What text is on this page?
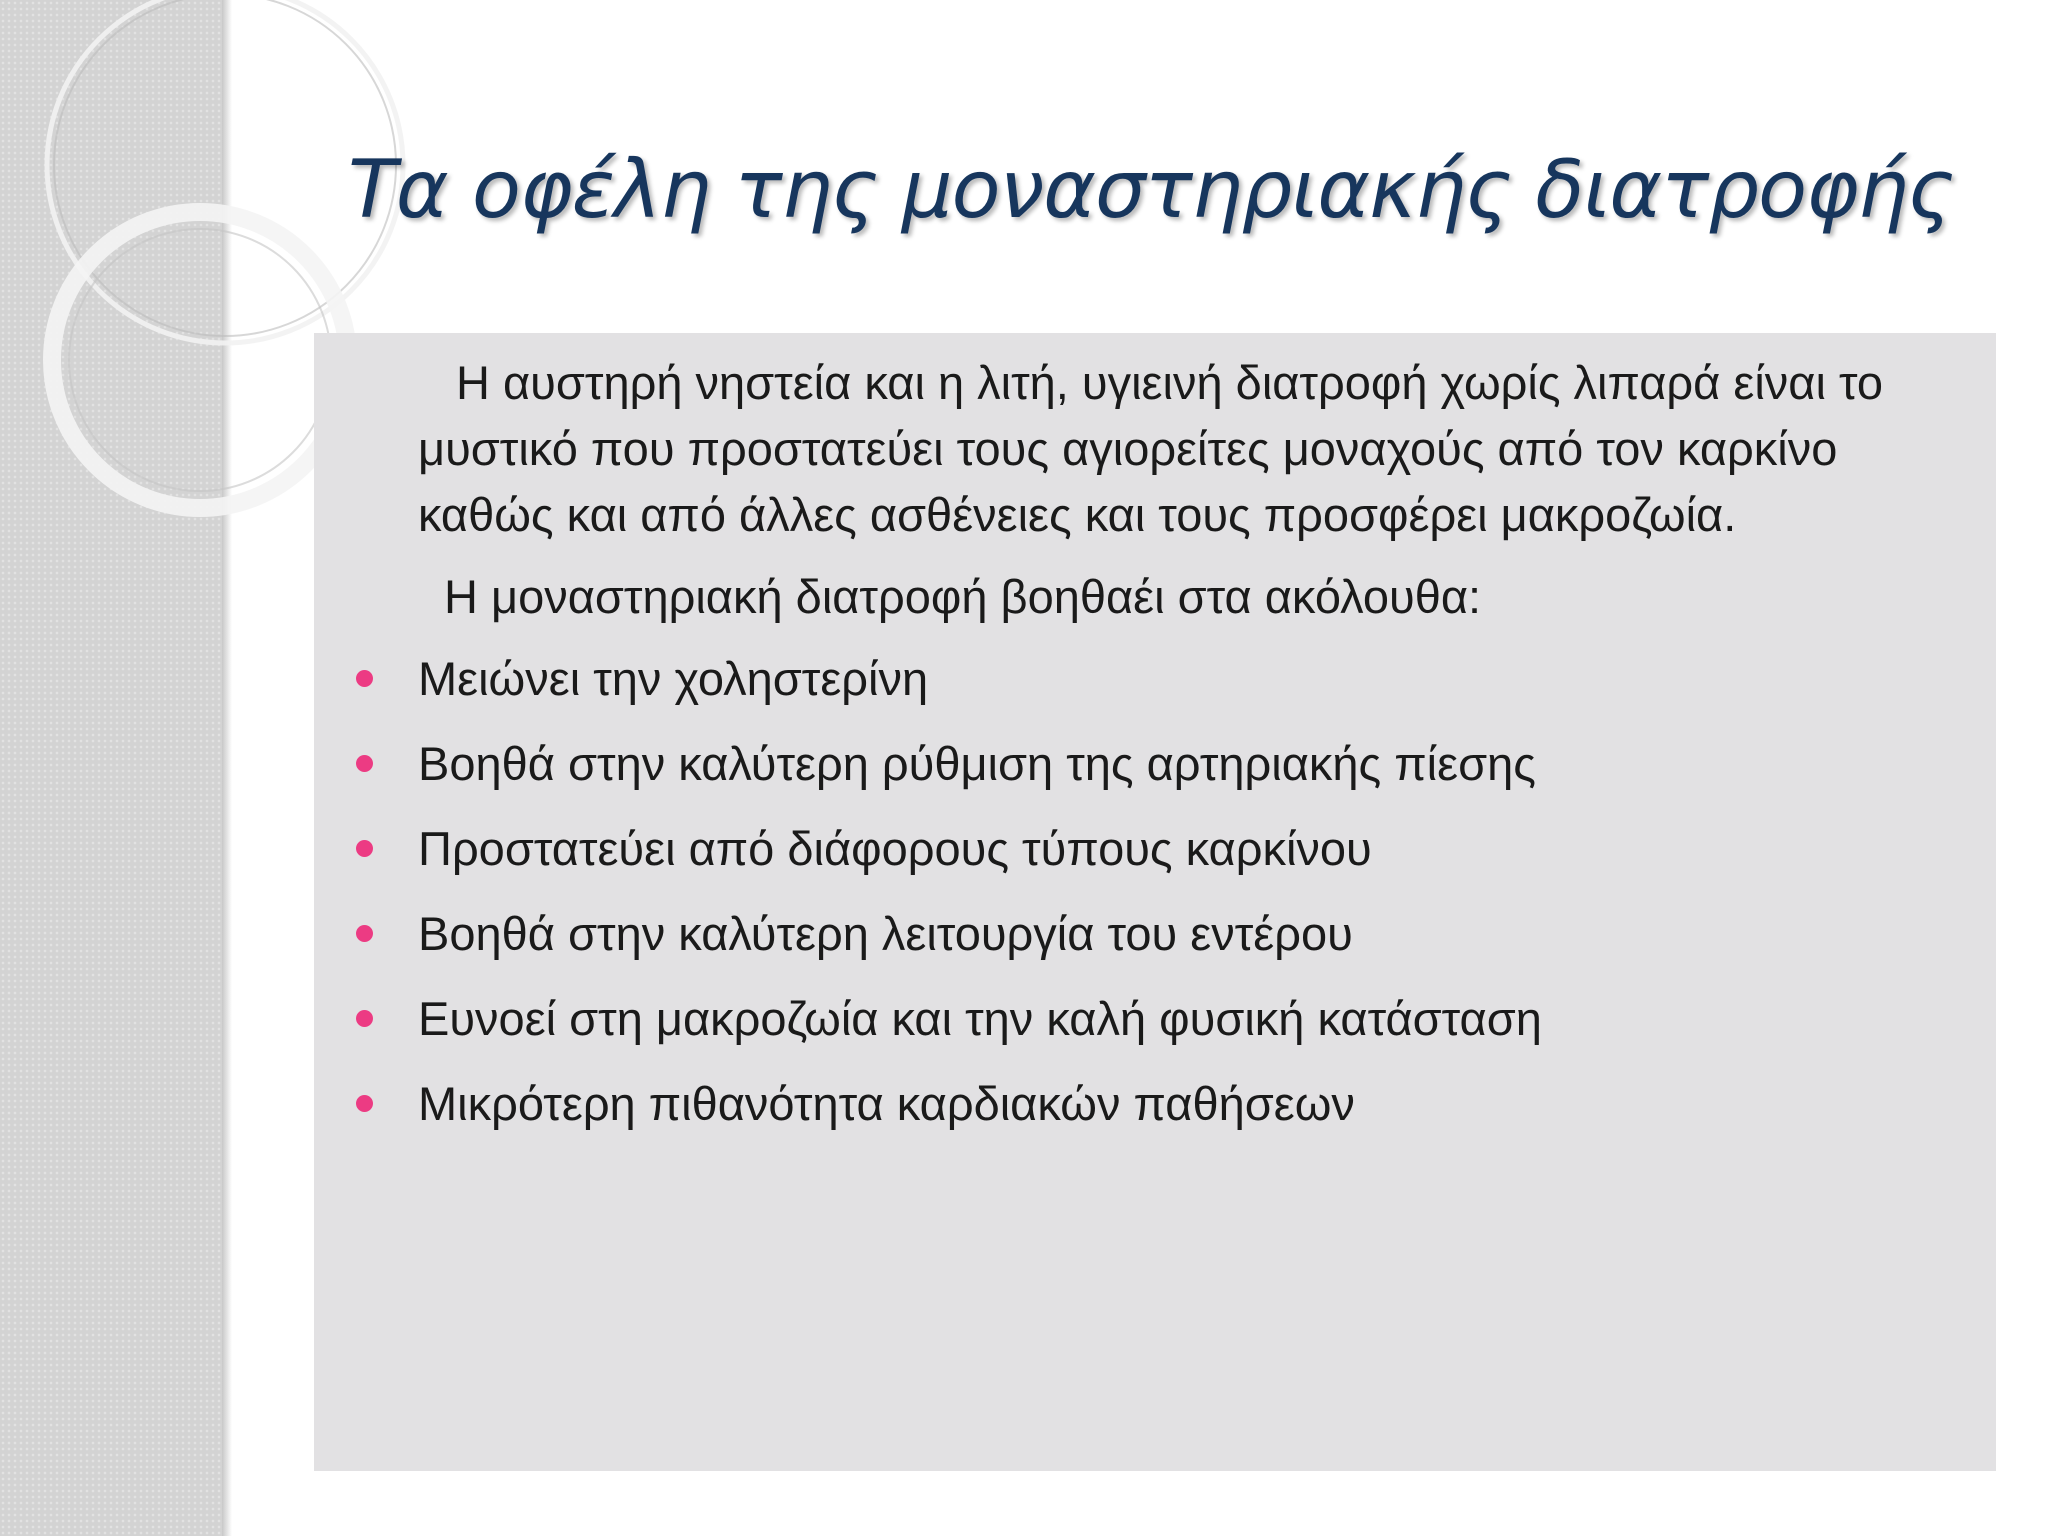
Τα οφέλη της μοναστηριακής διατροφής

Η αυστηρή νηστεία και η λιτή, υγιεινή διατροφή χωρίς λιπαρά είναι το μυστικό που προστατεύει τους αγιορείτες μοναχούς από τον καρκίνο καθώς και από άλλες ασθένειες και τους προσφέρει μακροζωία.

Η μοναστηριακή διατροφή βοηθαέι στα ακόλουθα:

Μειώνει την χοληστερίνη
Βοηθά στην καλύτερη ρύθμιση της αρτηριακής πίεσης
Προστατεύει από διάφορους τύπους καρκίνου
Βοηθά στην καλύτερη λειτουργία του εντέρου
Ευνοεί στη μακροζωία και την καλή φυσική κατάσταση
Μικρότερη πιθανότητα καρδιακών παθήσεων
